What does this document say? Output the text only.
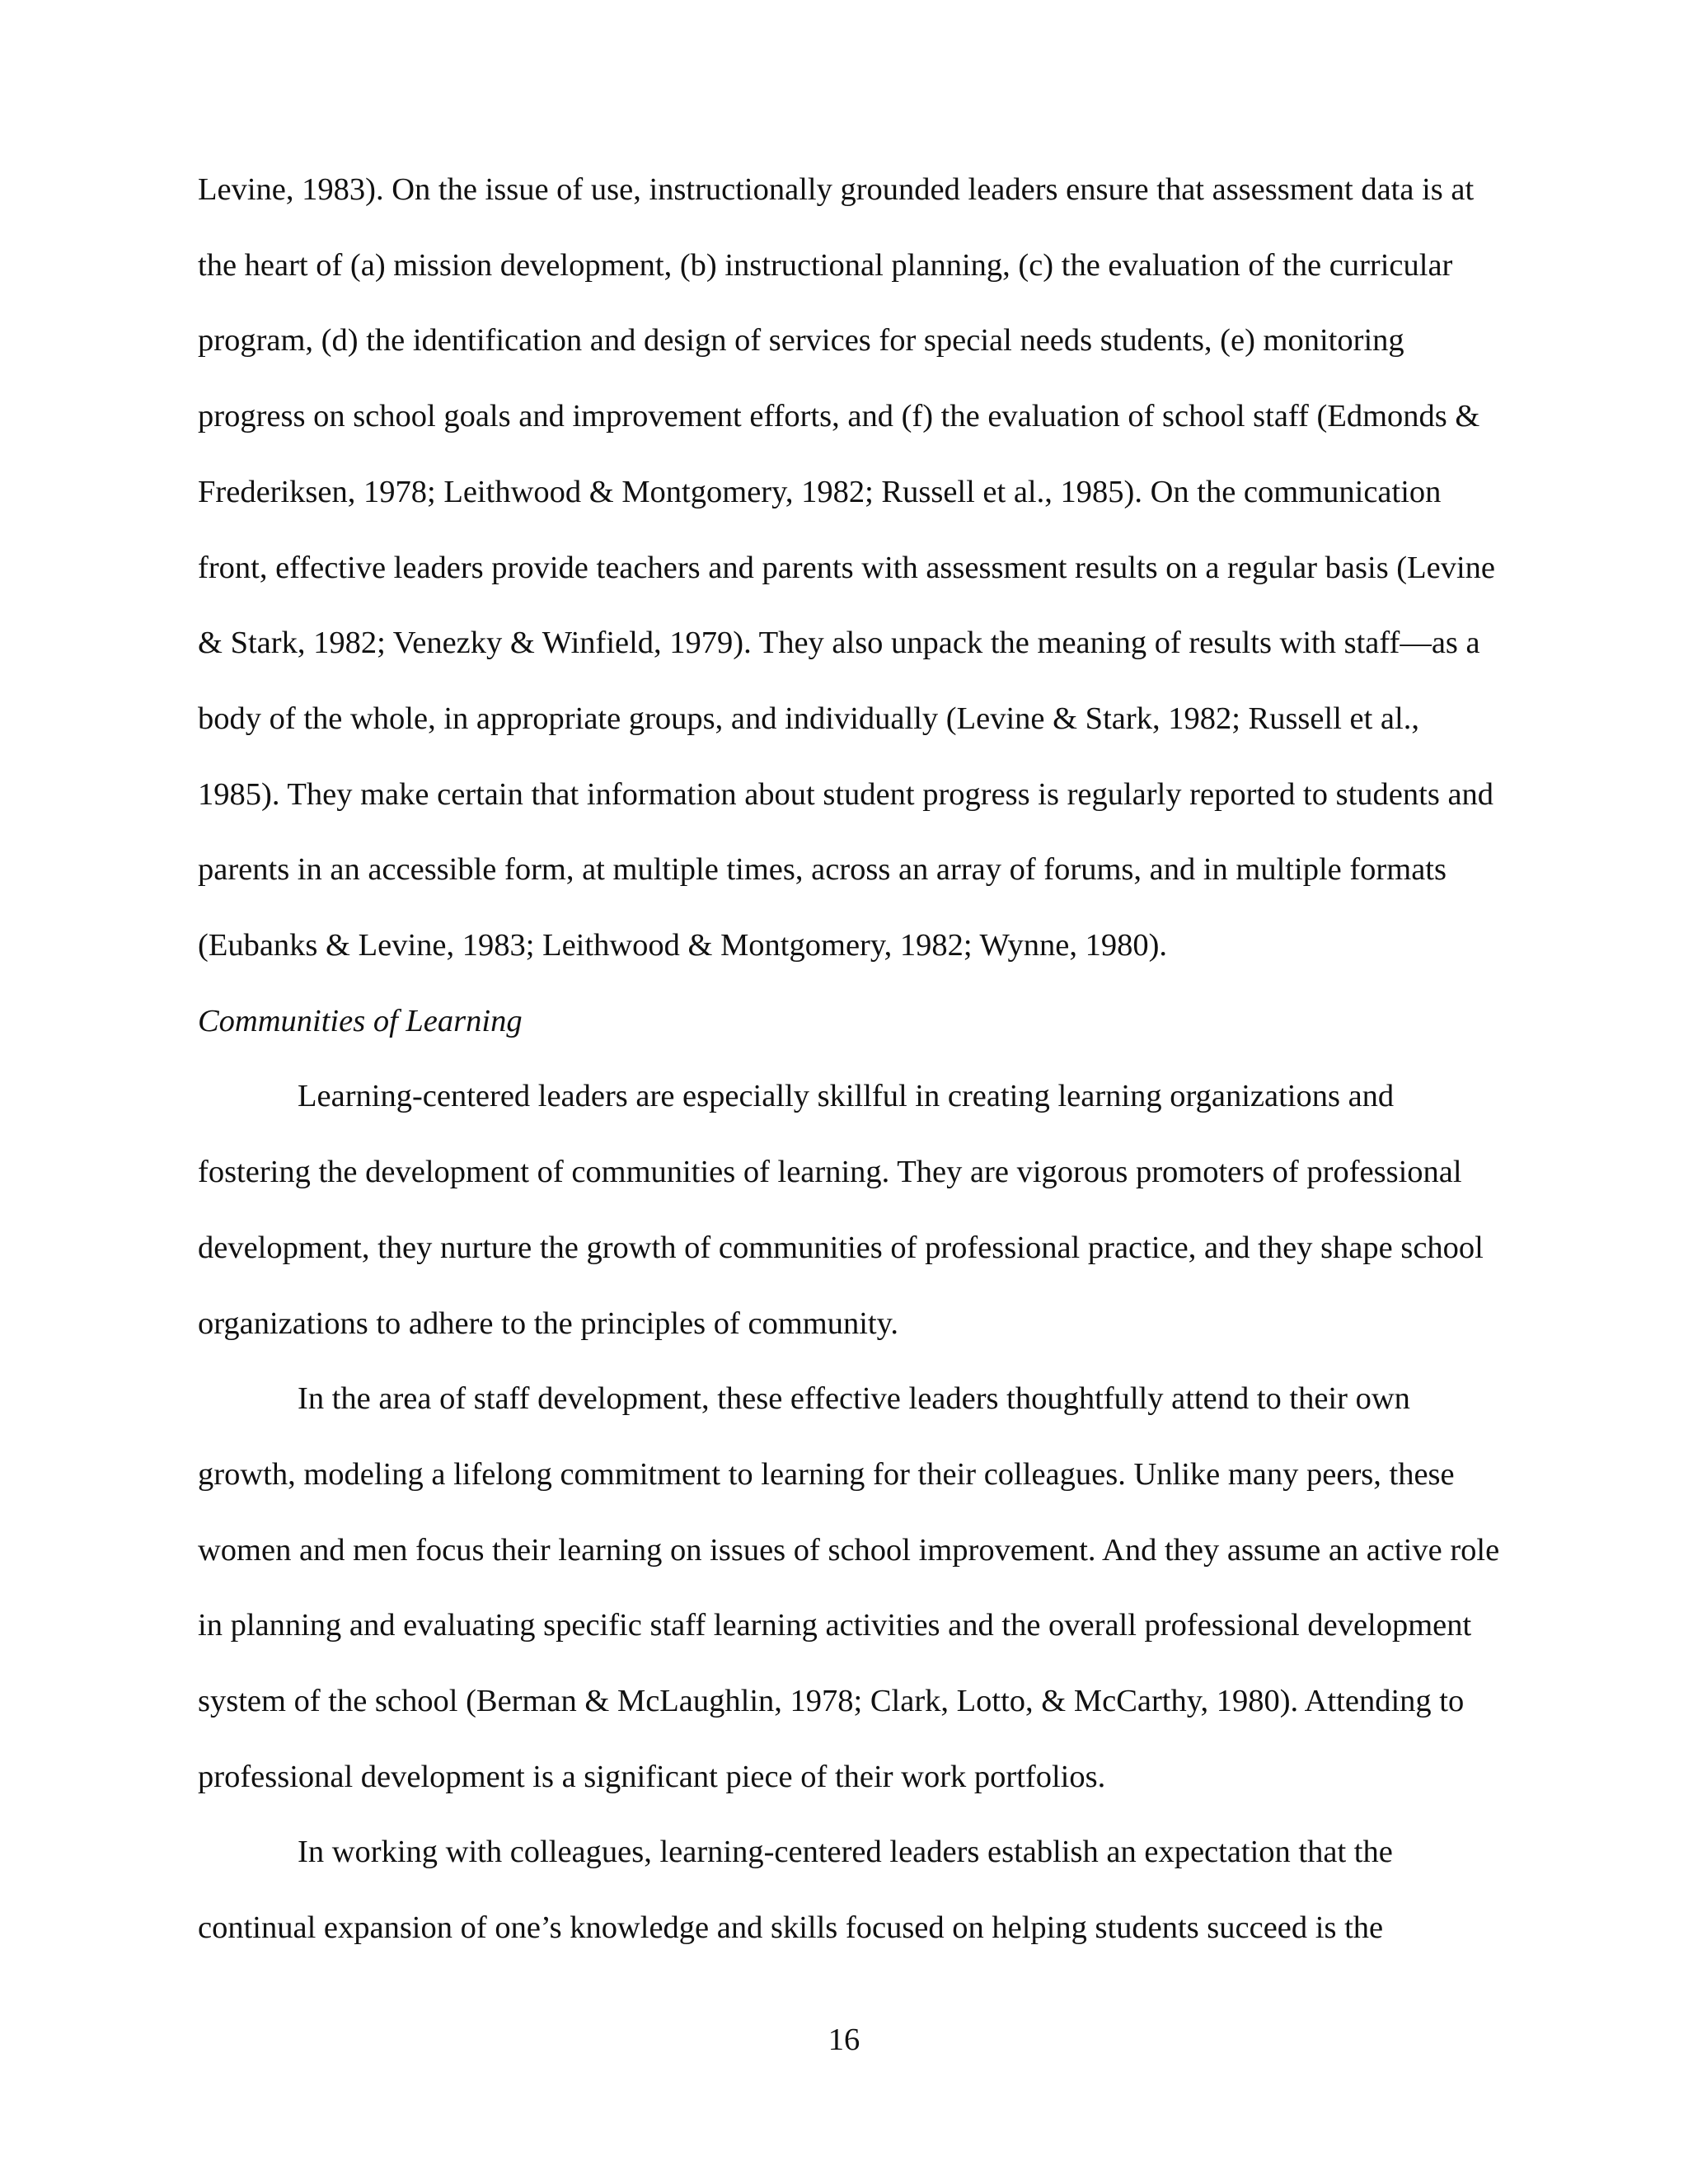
Levine, 1983). On the issue of use, instructionally grounded leaders ensure that assessment data is at the heart of (a) mission development, (b) instructional planning, (c) the evaluation of the curricular program, (d) the identification and design of services for special needs students, (e) monitoring progress on school goals and improvement efforts, and (f) the evaluation of school staff (Edmonds & Frederiksen, 1978; Leithwood & Montgomery, 1982; Russell et al., 1985). On the communication front, effective leaders provide teachers and parents with assessment results on a regular basis (Levine & Stark, 1982; Venezky & Winfield, 1979). They also unpack the meaning of results with staff—as a body of the whole, in appropriate groups, and individually (Levine & Stark, 1982; Russell et al., 1985). They make certain that information about student progress is regularly reported to students and parents in an accessible form, at multiple times, across an array of forums, and in multiple formats (Eubanks & Levine, 1983; Leithwood & Montgomery, 1982; Wynne, 1980).

Communities of Learning

Learning-centered leaders are especially skillful in creating learning organizations and fostering the development of communities of learning. They are vigorous promoters of professional development, they nurture the growth of communities of professional practice, and they shape school organizations to adhere to the principles of community.

In the area of staff development, these effective leaders thoughtfully attend to their own growth, modeling a lifelong commitment to learning for their colleagues. Unlike many peers, these women and men focus their learning on issues of school improvement. And they assume an active role in planning and evaluating specific staff learning activities and the overall professional development system of the school (Berman & McLaughlin, 1978; Clark, Lotto, & McCarthy, 1980). Attending to professional development is a significant piece of their work portfolios.

In working with colleagues, learning-centered leaders establish an expectation that the continual expansion of one’s knowledge and skills focused on helping students succeed is the

16
